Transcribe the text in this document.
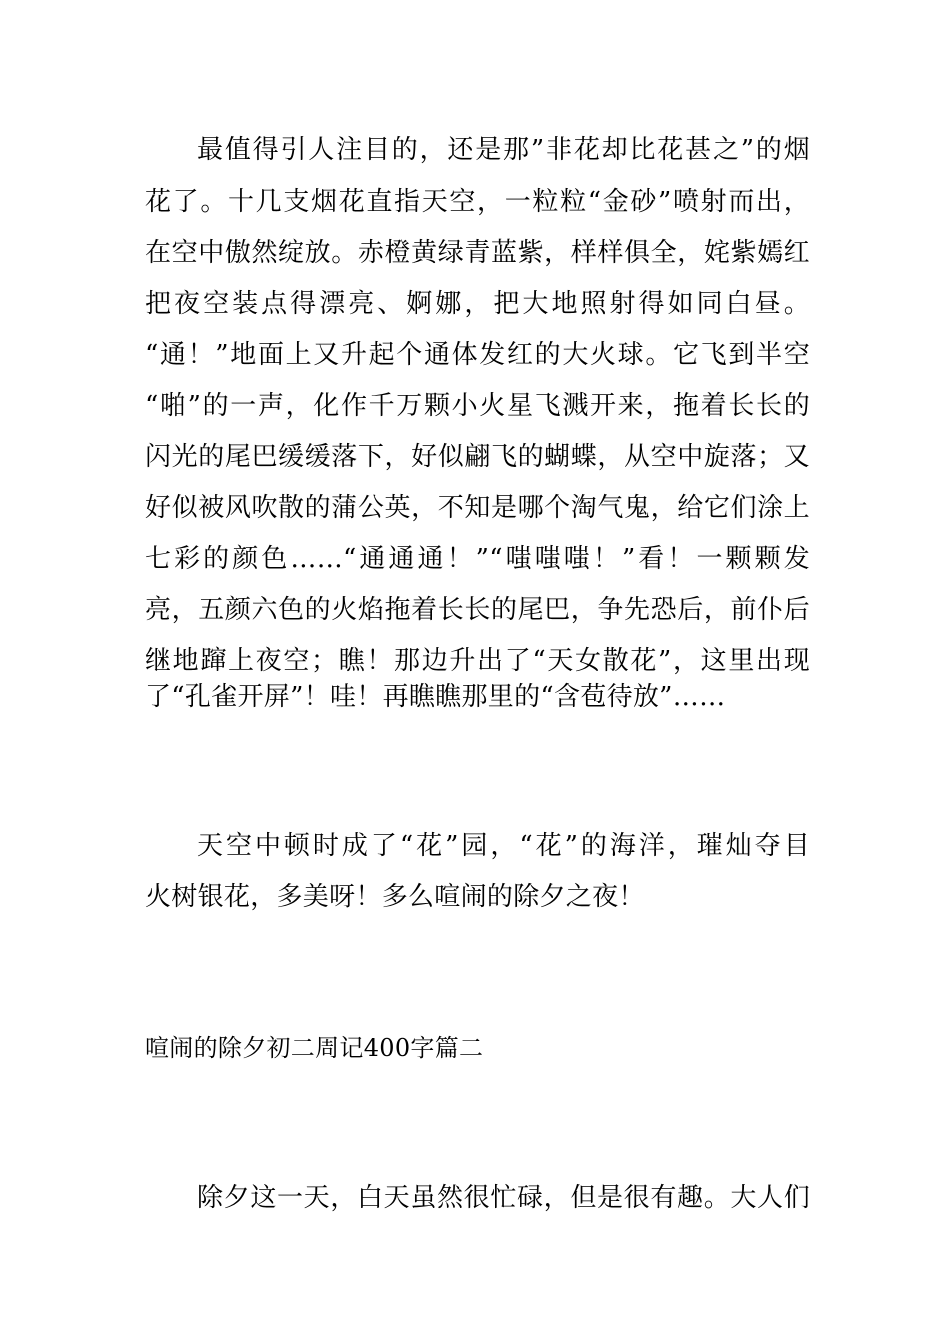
最值得引人注目的，还是那”非花却比花甚之”的烟
花了。十几支烟花直指天空，一粒粒“金砂”喷射而出，
在空中傲然绽放。赤橙黄绿青蓝紫，样样俱全，姹紫嫣红
把夜空装点得漂亮、婀娜，把大地照射得如同白昼。
“通！”地面上又升起个通体发红的大火球。它飞到半空
“啪”的一声，化作千万颗小火星飞溅开来，拖着长长的
闪光的尾巴缓缓落下，好似翩飞的蝴蝶，从空中旋落；又
好似被风吹散的蒲公英，不知是哪个淘气鬼，给它们涂上
七彩的颜色……“通通通！”“嗤嗤嗤！”看！一颗颗发
亮，五颜六色的火焰拖着长长的尾巴，争先恐后，前仆后
继地蹿上夜空；瞧！那边升出了“天女散花”，这里出现
了“孔雀开屏”！哇！再瞧瞧那里的“含苞待放”……
天空中顿时成了“花”园，“花”的海洋，璀灿夺目
火树银花，多美呀！多么喧闹的除夕之夜！
喧闹的除夕初二周记400字篇二
除夕这一天，白天虽然很忙碌，但是很有趣。大人们
